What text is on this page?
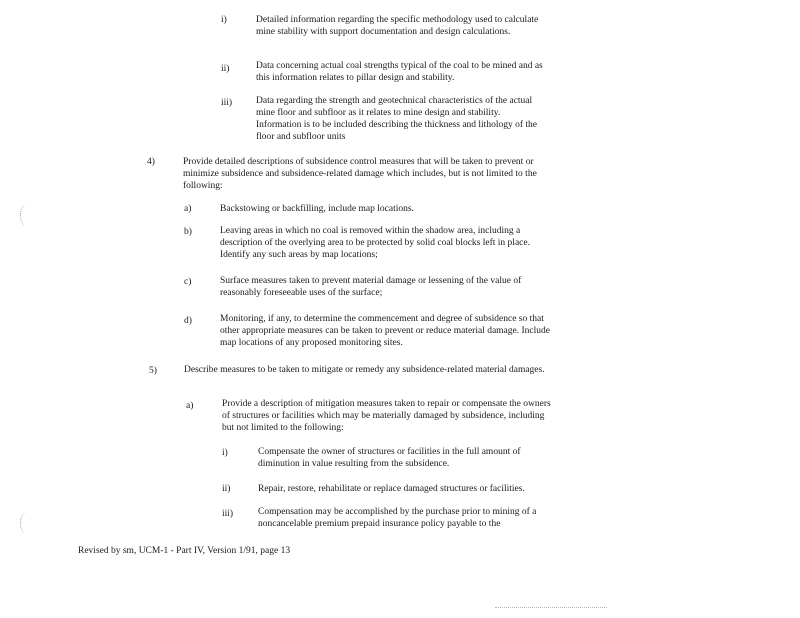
i)	Detailed information regarding the specific methodology used to calculate mine stability with support documentation and design calculations.

ii)	Data concerning actual coal strengths typical of the coal to be mined and as this information relates to pillar design and stability.

iii)	Data regarding the strength and geotechnical characteristics of the actual mine floor and subfloor as it relates to mine design and stability. Information is to be included describing the thickness and lithology of the floor and subfloor units

4)	Provide detailed descriptions of subsidence control measures that will be taken to prevent or minimize subsidence and subsidence-related damage which includes, but is not limited to the following:

a)	Backstowing or backfilling, include map locations.

b)	Leaving areas in which no coal is removed within the shadow area, including a description of the overlying area to be protected by solid coal blocks left in place. Identify any such areas by map locations;

c)	Surface measures taken to prevent material damage or lessening of the value of reasonably foreseeable uses of the surface;

d)	Monitoring, if any, to determine the commencement and degree of subsidence so that other appropriate measures can be taken to prevent or reduce material damage. Include map locations of any proposed monitoring sites.

5)	Describe measures to be taken to mitigate or remedy any subsidence-related material damages.

a)	Provide a description of mitigation measures taken to repair or compensate the owners of structures or facilities which may be materially damaged by subsidence, including but not limited to the following:

i)	Compensate the owner of structures or facilities in the full amount of diminution in value resulting from the subsidence.

ii)	Repair, restore, rehabilitate or replace damaged structures or facilities.

iii)	Compensation may be accomplished by the purchase prior to mining of a noncancelable premium prepaid insurance policy payable to the

Revised by sm, UCM-1 - Part IV, Version 1/91, page 13
